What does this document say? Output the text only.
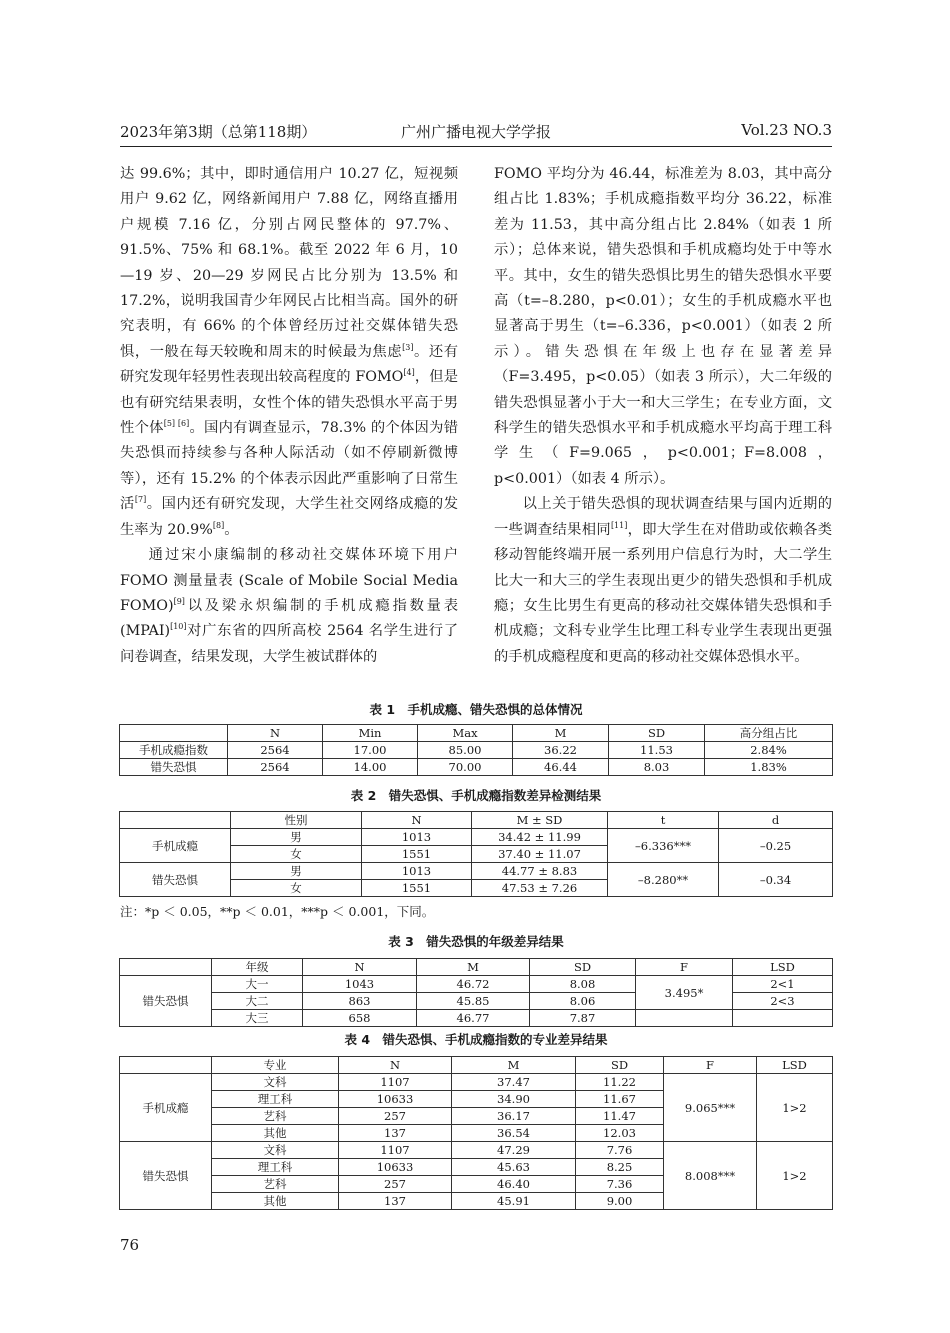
2023年第3期（总第118期）	广州广播电视大学学报	Vol.23 NO.3

达 99.6%；其中，即时通信用户 10.27 亿，短视频用户 9.62 亿，网络新闻用户 7.88 亿，网络直播用户规模 7.16 亿，分别占网民整体的 97.7%、91.5%、75% 和 68.1%。截至 2022 年 6 月，10—19 岁、20—29 岁网民占比分别为 13.5% 和 17.2%，说明我国青少年网民占比相当高。国外的研究表明，有 66% 的个体曾经历过社交媒体错失恐惧，一般在每天较晚和周末的时候最为焦虑[3]。还有研究发现年轻男性表现出较高程度的 FOMO[4]，但是也有研究结果表明，女性个体的错失恐惧水平高于男性个体[5] [6]。国内有调查显示，78.3% 的个体因为错失恐惧而持续参与各种人际活动（如不停刷新微博等），还有 15.2% 的个体表示因此严重影响了日常生活[7]。国内还有研究发现，大学生社交网络成瘾的发生率为 20.9%[8]。

通过宋小康编制的移动社交媒体环境下用户 FOMO 测量量表 (Scale of Mobile Social Media FOMO)[9]以及梁永炽编制的手机成瘾指数量表 (MPAI)[10]对广东省的四所高校 2564 名学生进行了问卷调查，结果发现，大学生被试群体的

FOMO 平均分为 46.44，标准差为 8.03，其中高分组占比 1.83%；手机成瘾指数平均分 36.22，标准差为 11.53，其中高分组占比 2.84%（如表 1 所示）；总体来说，错失恐惧和手机成瘾均处于中等水平。其中，女生的错失恐惧比男生的错失恐惧水平要高（t=–8.280，p<0.01）；女生的手机成瘾水平也显著高于男生（t=–6.336，p<0.001）（如表 2 所示）。错失恐惧在年级上也存在显著差异（F=3.495，p<0.05）（如表 3 所示），大二年级的错失恐惧显著小于大一和大三学生；在专业方面，文科学生的错失恐惧水平和手机成瘾水平均高于理工科学生（F=9.065，p<0.001；F=8.008，p<0.001）（如表 4 所示）。

以上关于错失恐惧的现状调查结果与国内近期的一些调查结果相同[11]，即大学生在对借助或依赖各类移动智能终端开展一系列用户信息行为时，大二学生比大一和大三的学生表现出更少的错失恐惧和手机成瘾；女生比男生有更高的移动社交媒体错失恐惧和手机成瘾；文科专业学生比理工科专业学生表现出更强的手机成瘾程度和更高的移动社交媒体恐惧水平。

表 1　手机成瘾、错失恐惧的总体情况
	N	Min	Max	M	SD	高分组占比
手机成瘾指数	2564	17.00	85.00	36.22	11.53	2.84%
错失恐惧	2564	14.00	70.00	46.44	8.03	1.83%
表 2　错失恐惧、手机成瘾指数差异检测结果
	性别	N	M ± SD	t	d
手机成瘾	男	1013	34.42 ± 11.99	–6.336***	–0.25
	女	1551	37.40 ± 11.07		
错失恐惧	男	1013	44.77 ± 8.83	–8.280**	–0.34
	女	1551	47.53 ± 7.26		
注：*p ＜ 0.05，**p ＜ 0.01，***p ＜ 0.001，下同。
表 3　错失恐惧的年级差异结果
	年级	N	M	SD	F	LSD
错失恐惧	大一	1043	46.72	8.08	3.495*	2<1
	大二	863	45.85	8.06		2<3
	大三	658	46.77	7.87		
表 4　错失恐惧、手机成瘾指数的专业差异结果
	专业	N	M	SD	F	LSD
手机成瘾	文科	1107	37.47	11.22	9.065***	1>2
	理工科	10633	34.90	11.67		
	艺科	257	36.17	11.47		
	其他	137	36.54	12.03		
错失恐惧	文科	1107	47.29	7.76	8.008***	1>2
	理工科	10633	45.63	8.25		
	艺科	257	46.40	7.36		
	其他	137	45.91	9.00		
76
